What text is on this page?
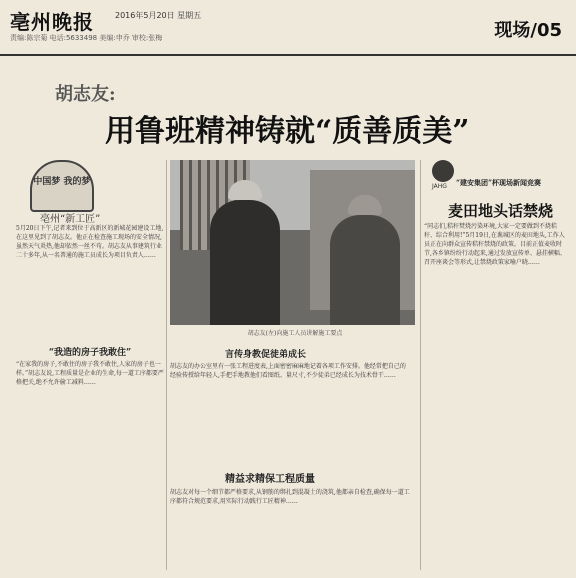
亳州晚报	2016年5月20日 星期五
责编:陈宗菊 电话:5633498 美编:申乔 审校:张梅	现场/05
胡志友:
用鲁班精神铸就“质善质美”
中国梦 我的梦
亳州“新工匠”
5月20日下午,记者来到位于高新区的新城花园建设工地,在这里见到了胡志友。他正在检查施工现场的安全情况,虽然天气炎热,他却依然一丝不苟。胡志友从事建筑行业二十多年,从一名普通的施工员成长为项目负责人……
“我造的房子我敢住”
“在家我的房子,不敢住的房子我不敢住,人家的房子也一样。”胡志友说,工程质量是企业的生命,每一道工序都要严格把关,绝不允许偷工减料……
胡志友(左)向施工人员讲解施工要点
言传身教促徒弟成长
胡志友的办公室里有一张工程进度表,上面密密麻麻地记着各项工作安排。他经常把自己的经验传授给年轻人,手把手地教他们看图纸、量尺寸,不少徒弟已经成长为技术骨干……
精益求精保工程质量
胡志友对每一个细节都严格要求,从钢筋的绑扎到混凝土的浇筑,他都亲自检查,确保每一道工序都符合规范要求,用实际行动践行工匠精神……
JAHG “建安集团”杯现场新闻竞赛
麦田地头话禁烧
“同志们,秸秆焚烧污染环境,大家一定要做到不烧秸秆、综合利用!”5月19日,在谯城区的麦田地头,工作人员正在向群众宣传秸秆禁烧的政策。目前正值麦收时节,各乡镇纷纷行动起来,通过发放宣传单、悬挂横幅、召开座谈会等形式,让禁烧政策家喻户晓……
